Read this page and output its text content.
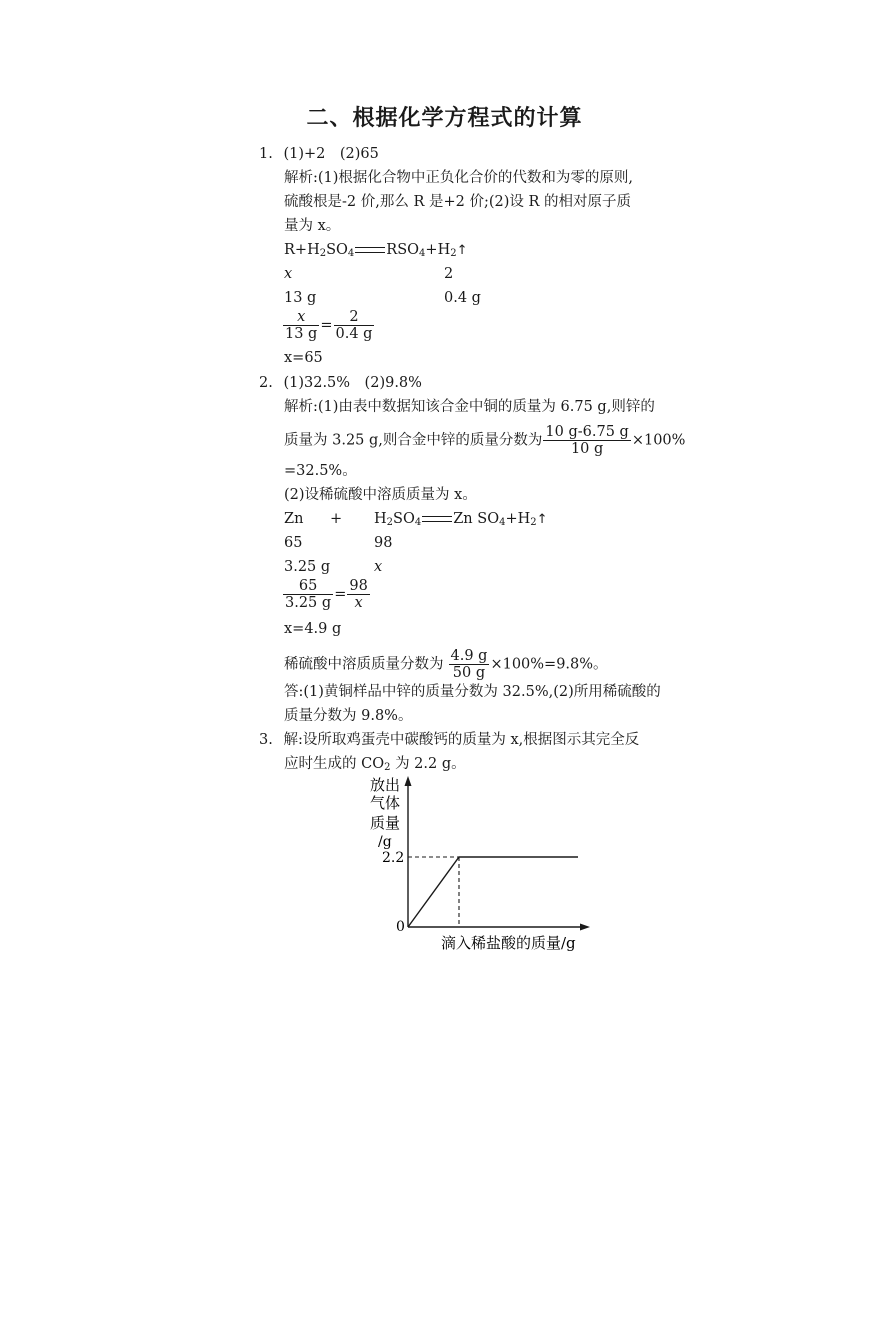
二、根据化学方程式的计算
1. (1)+2　(2)65
解析:(1)根据化合物中正负化合价的代数和为零的原则,
硫酸根是-2 价,那么 R 是+2 价;(2)设 R 的相对原子质
量为 x。
$R+H_2SO_4$ $RSO_4+H_2↑$
x	2
13 g	0.4 g
$\frac{x}{13 g} = \frac{2}{0.4 g}$
x=65
2. (1)32.5%　(2)9.8%
解析:(1)由表中数据知该合金中铜的质量为 6.75 g,则锌的
质量为 3.25 g,则合金中锌的质量分数为 $\frac{10 g-6.75 g}{10 g} \times 100\%$
=32.5%。
(2)设稀硫酸中溶质质量为 x。
$Zn + H_2SO_4$ Zn $SO_4+H_2↑$
65	98
3.25 g	x
$\frac{65}{3.25 g} = \frac{98}{x}$
x=4.9 g
稀硫酸中溶质质量分数为 $\frac{4.9 g}{50 g} \times 100\%=9.8\%$。
答:(1)黄铜样品中锌的质量分数为 32.5%,(2)所用稀硫酸的
质量分数为 9.8%。
3. 解:设所取鸡蛋壳中碳酸钙的质量为 x,根据图示其完全反
应时生成的 $CO_2$ 为 2.2 g。
放出
气体
质量
/g
2.2
0
滴入稀盐酸的质量/g
